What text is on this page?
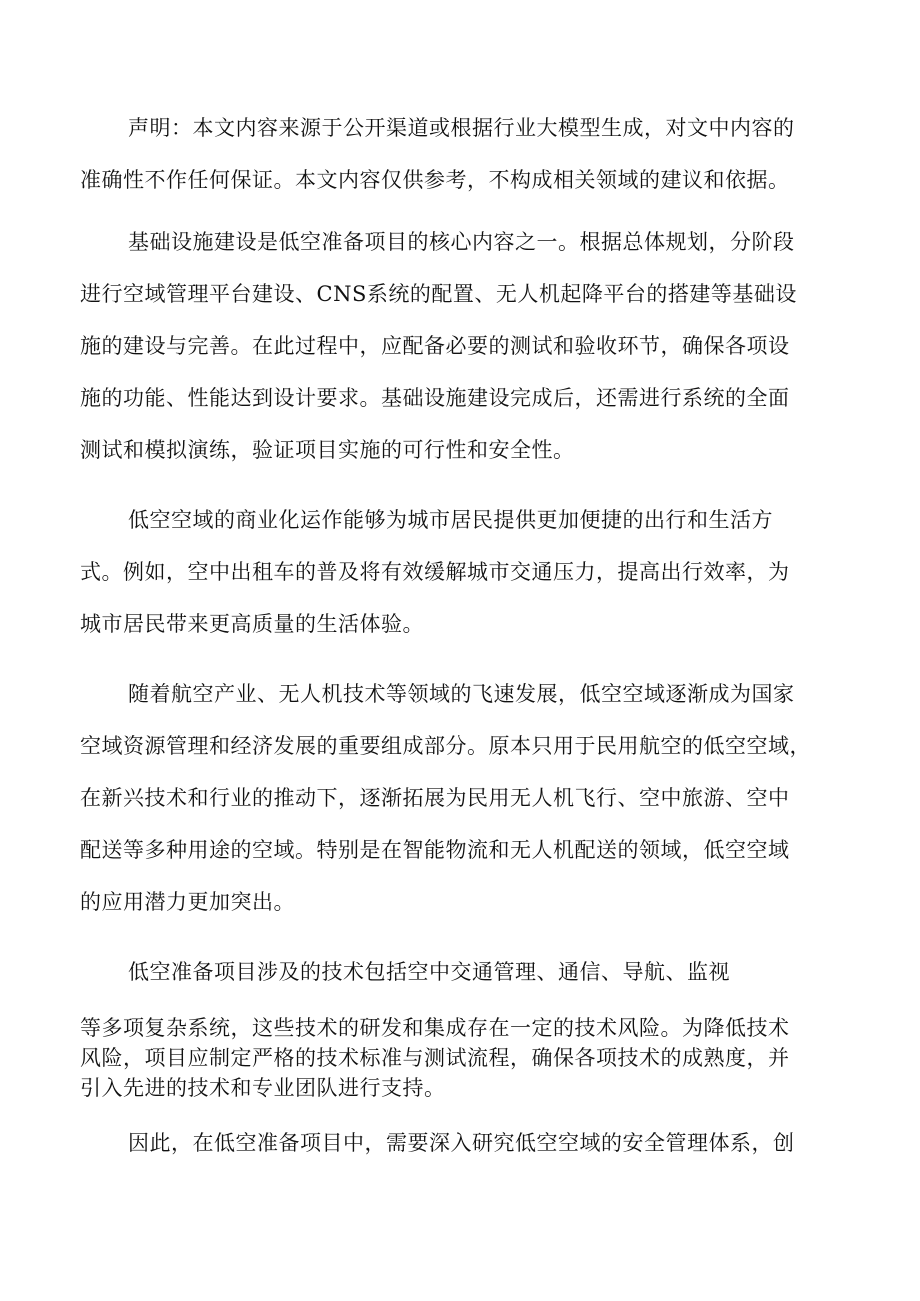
声明：本文内容来源于公开渠道或根据行业大模型生成，对文中内容的
准确性不作任何保证。本文内容仅供参考，不构成相关领域的建议和依据。

基础设施建设是低空准备项目的核心内容之一。根据总体规划，分阶段
进行空域管理平台建设、CNS系统的配置、无人机起降平台的搭建等基础设
施的建设与完善。在此过程中，应配备必要的测试和验收环节，确保各项设
施的功能、性能达到设计要求。基础设施建设完成后，还需进行系统的全面
测试和模拟演练，验证项目实施的可行性和安全性。

低空空域的商业化运作能够为城市居民提供更加便捷的出行和生活方
式。例如，空中出租车的普及将有效缓解城市交通压力，提高出行效率，为
城市居民带来更高质量的生活体验。

随着航空产业、无人机技术等领域的飞速发展，低空空域逐渐成为国家
空域资源管理和经济发展的重要组成部分。原本只用于民用航空的低空空域，
在新兴技术和行业的推动下，逐渐拓展为民用无人机飞行、空中旅游、空中
配送等多种用途的空域。特别是在智能物流和无人机配送的领域，低空空域
的应用潜力更加突出。

低空准备项目涉及的技术包括空中交通管理、通信、导航、监视

等多项复杂系统，这些技术的研发和集成存在一定的技术风险。为降低技术
风险，项目应制定严格的技术标准与测试流程，确保各项技术的成熟度，并
引入先进的技术和专业团队进行支持。

因此，在低空准备项目中，需要深入研究低空空域的安全管理体系，创
